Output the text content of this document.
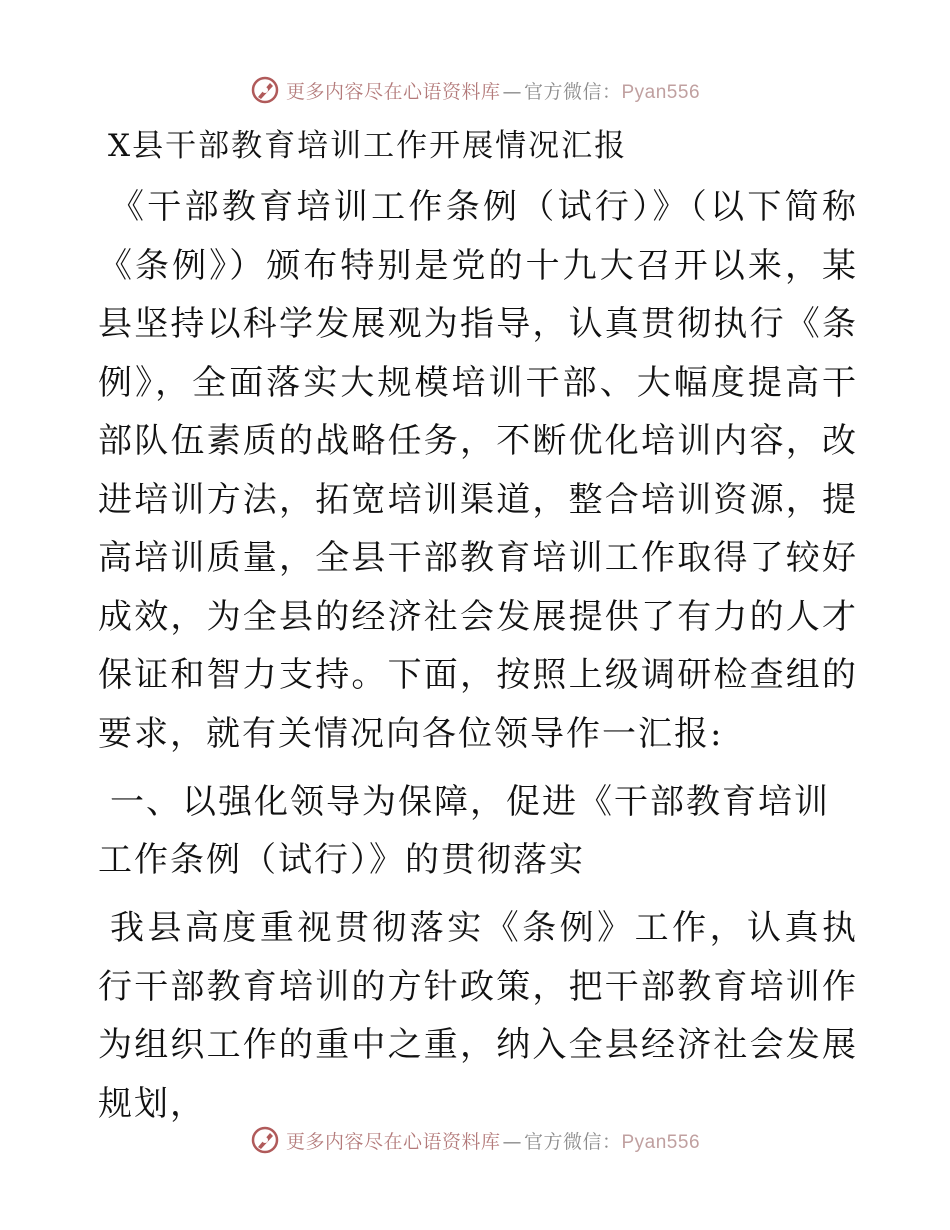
更多内容尽在心语资料库 — 官方微信：Pyan556
X县干部教育培训工作开展情况汇报

《干部教育培训工作条例（试行）》（以下简称《条例》）颁布特别是党的十九大召开以来，某县坚持以科学发展观为指导，认真贯彻执行《条例》，全面落实大规模培训干部、大幅度提高干部队伍素质的战略任务，不断优化培训内容，改进培训方法，拓宽培训渠道，整合培训资源，提高培训质量，全县干部教育培训工作取得了较好成效，为全县的经济社会发展提供了有力的人才保证和智力支持。下面，按照上级调研检查组的要求，就有关情况向各位领导作一汇报:

一、以强化领导为保障，促进《干部教育培训工作条例（试行）》的贯彻落实

我县高度重视贯彻落实《条例》工作，认真执行干部教育培训的方针政策，把干部教育培训作为组织工作的重中之重，纳入全县经济社会发展规划，

更多内容尽在心语资料库 — 官方微信：Pyan556
